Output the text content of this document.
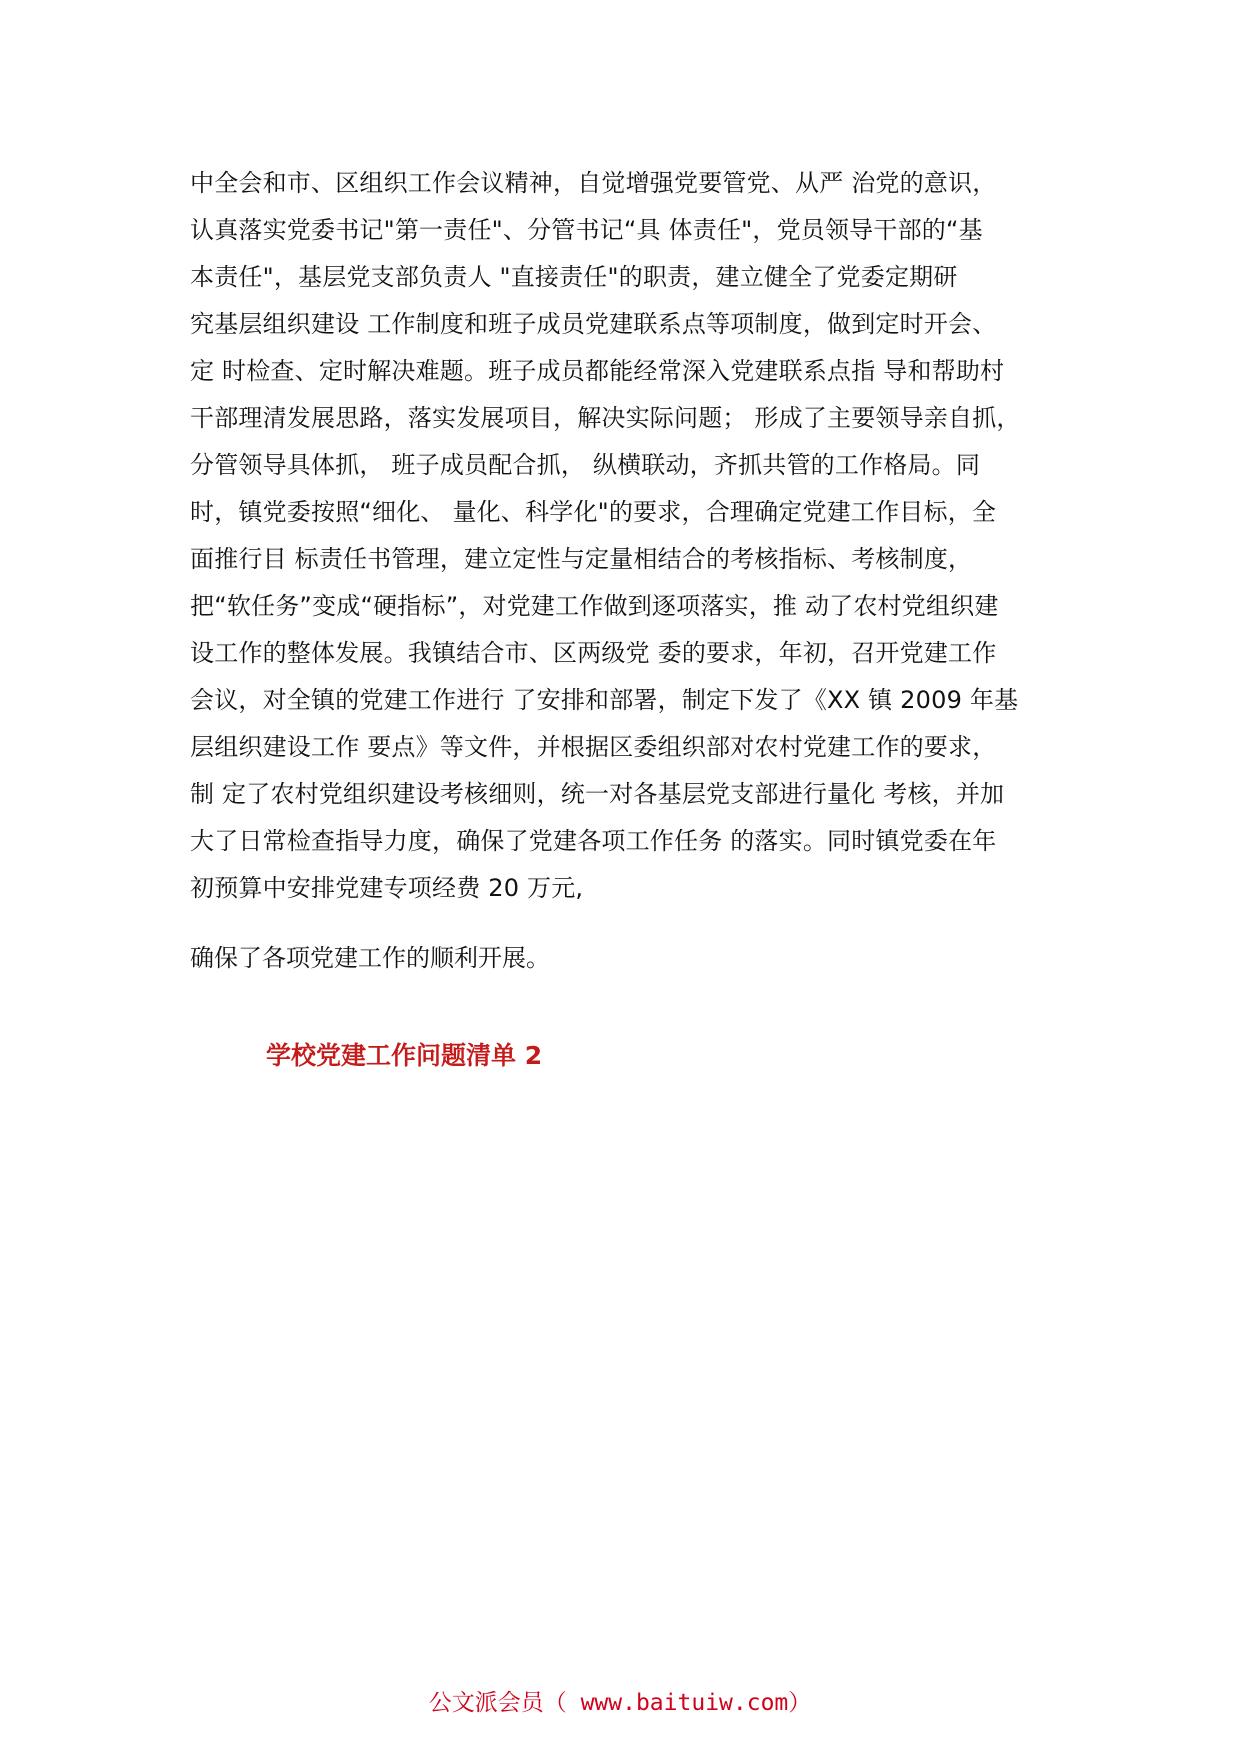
中全会和市、区组织工作会议精神，自觉增强党要管党、从严 治党的意识，
认真落实党委书记"第一责任"、分管书记“具 体责任"，党员领导干部的“基
本责任"，基层党支部负责人 "直接责任"的职责，建立健全了党委定期研
究基层组织建设 工作制度和班子成员党建联系点等项制度，做到定时开会、
定 时检查、定时解决难题。班子成员都能经常深入党建联系点指 导和帮助村
干部理清发展思路，落实发展项目，解决实际问题； 形成了主要领导亲自抓，
分管领导具体抓， 班子成员配合抓， 纵横联动，齐抓共管的工作格局。同
时，镇党委按照“细化、 量化、科学化"的要求，合理确定党建工作目标，全
面推行目 标责任书管理，建立定性与定量相结合的考核指标、考核制度，
把“软任务”变成“硬指标”，对党建工作做到逐项落实，推 动了农村党组织建
设工作的整体发展。我镇结合市、区两级党 委的要求，年初，召开党建工作
会议，对全镇的党建工作进行 了安排和部署，制定下发了《XX 镇 2009 年基
层组织建设工作 要点》等文件，并根据区委组织部对农村党建工作的要求，
制 定了农村党组织建设考核细则，统一对各基层党支部进行量化 考核，并加
大了日常检查指导力度，确保了党建各项工作任务 的落实。同时镇党委在年
初预算中安排党建专项经费 20 万元,
确保了各项党建工作的顺利开展。
学校党建工作问题清单 2
公文派会员（ www.baituiw.com）
